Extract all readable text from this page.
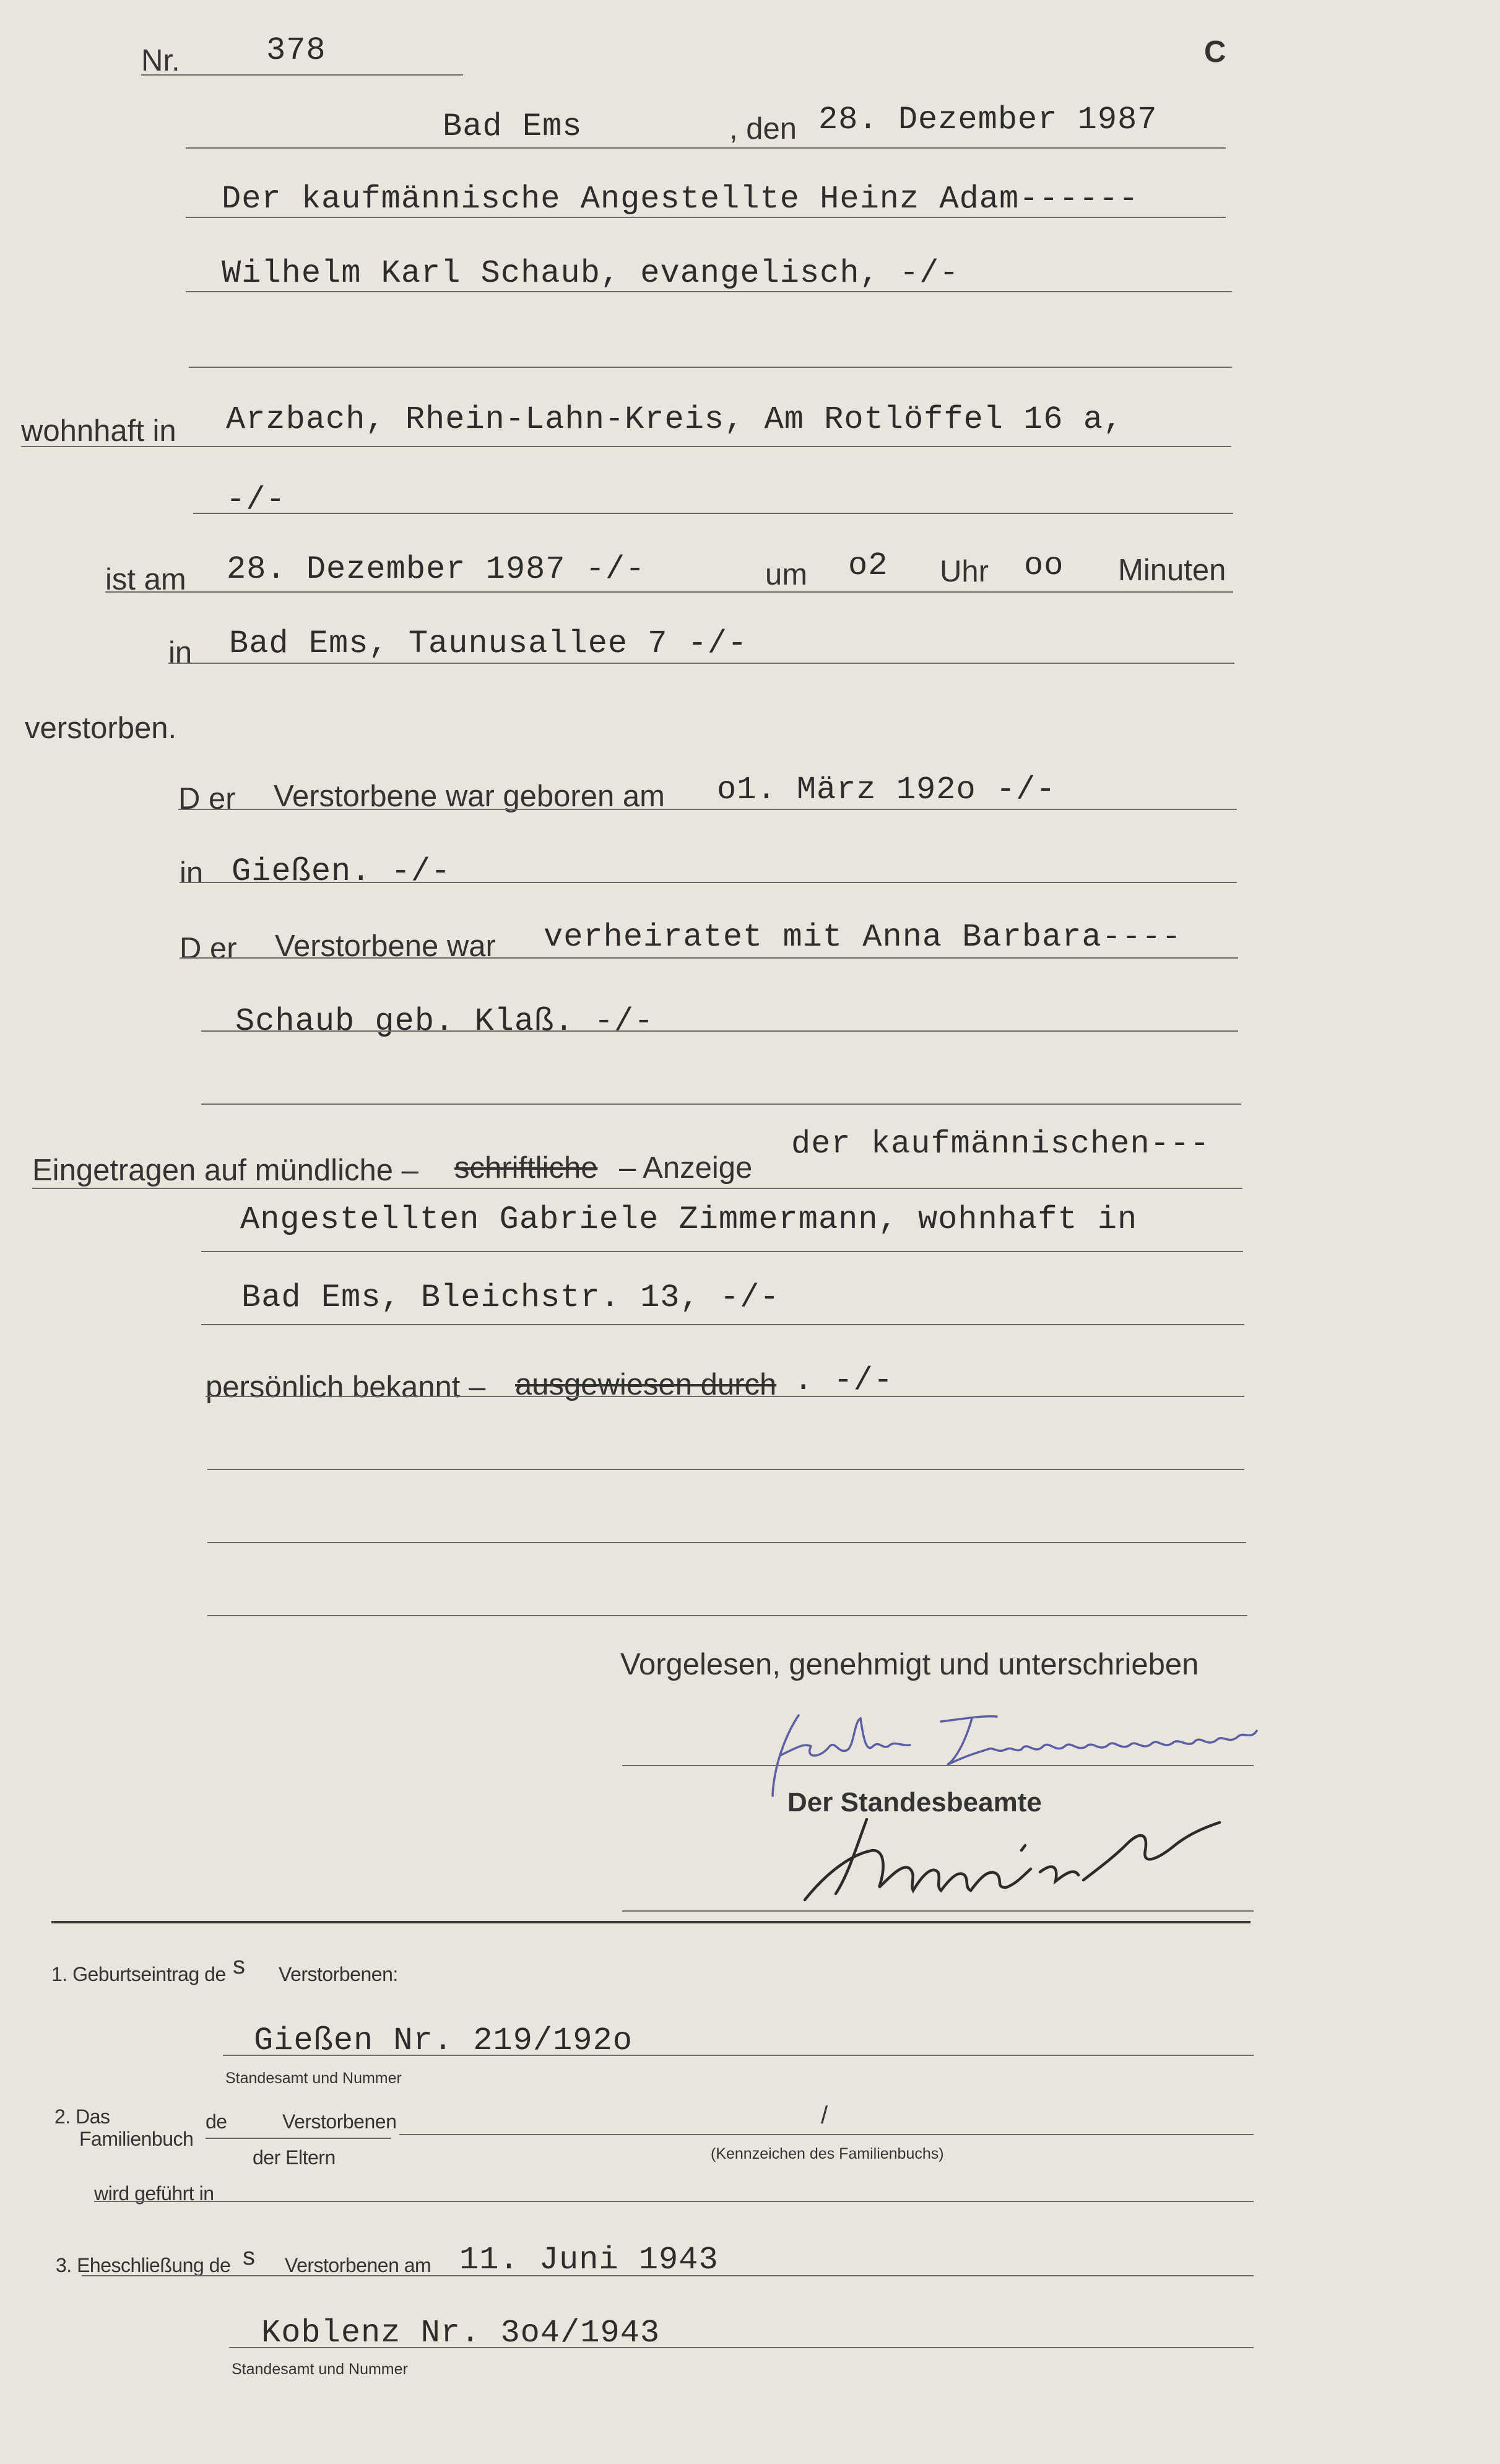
Nr.	378	C
Bad Ems	, den 28. Dezember 1987
Der kaufmännische Angestellte Heinz Adam------
Wilhelm Karl Schaub, evangelisch, -/-
wohnhaft in Arzbach, Rhein-Lahn-Kreis, Am Rotlöffel 16 a,
-/-
ist am 28. Dezember 1987 -/-	um o2 Uhr oo Minuten
in Bad Ems, Taunusallee 7 -/-
verstorben.
D er Verstorbene war geboren am o1. März 192o -/-
in Gießen. -/-
D er Verstorbene war verheiratet mit Anna Barbara----
Schaub geb. Klaß. -/-
Eingetragen auf mündliche – schriftliche – Anzeige
der kaufmännischen---
Angestellten Gabriele Zimmermann, wohnhaft in
Bad Ems, Bleichstr. 13, -/-
persönlich bekannt – ausgewiesen durch . -/-
Vorgelesen, genehmigt und unterschrieben
Der Standesbeamte
1. Geburtseintrag de s Verstorbenen:
Gießen Nr. 219/192o
Standesamt und Nummer
2. Das
Familienbuch
de	Verstorbenen
der Eltern
/
(Kennzeichen des Familienbuchs)
wird geführt in
3. Eheschließung de s Verstorbenen am 11. Juni 1943
Koblenz Nr. 3o4/1943
Standesamt und Nummer
